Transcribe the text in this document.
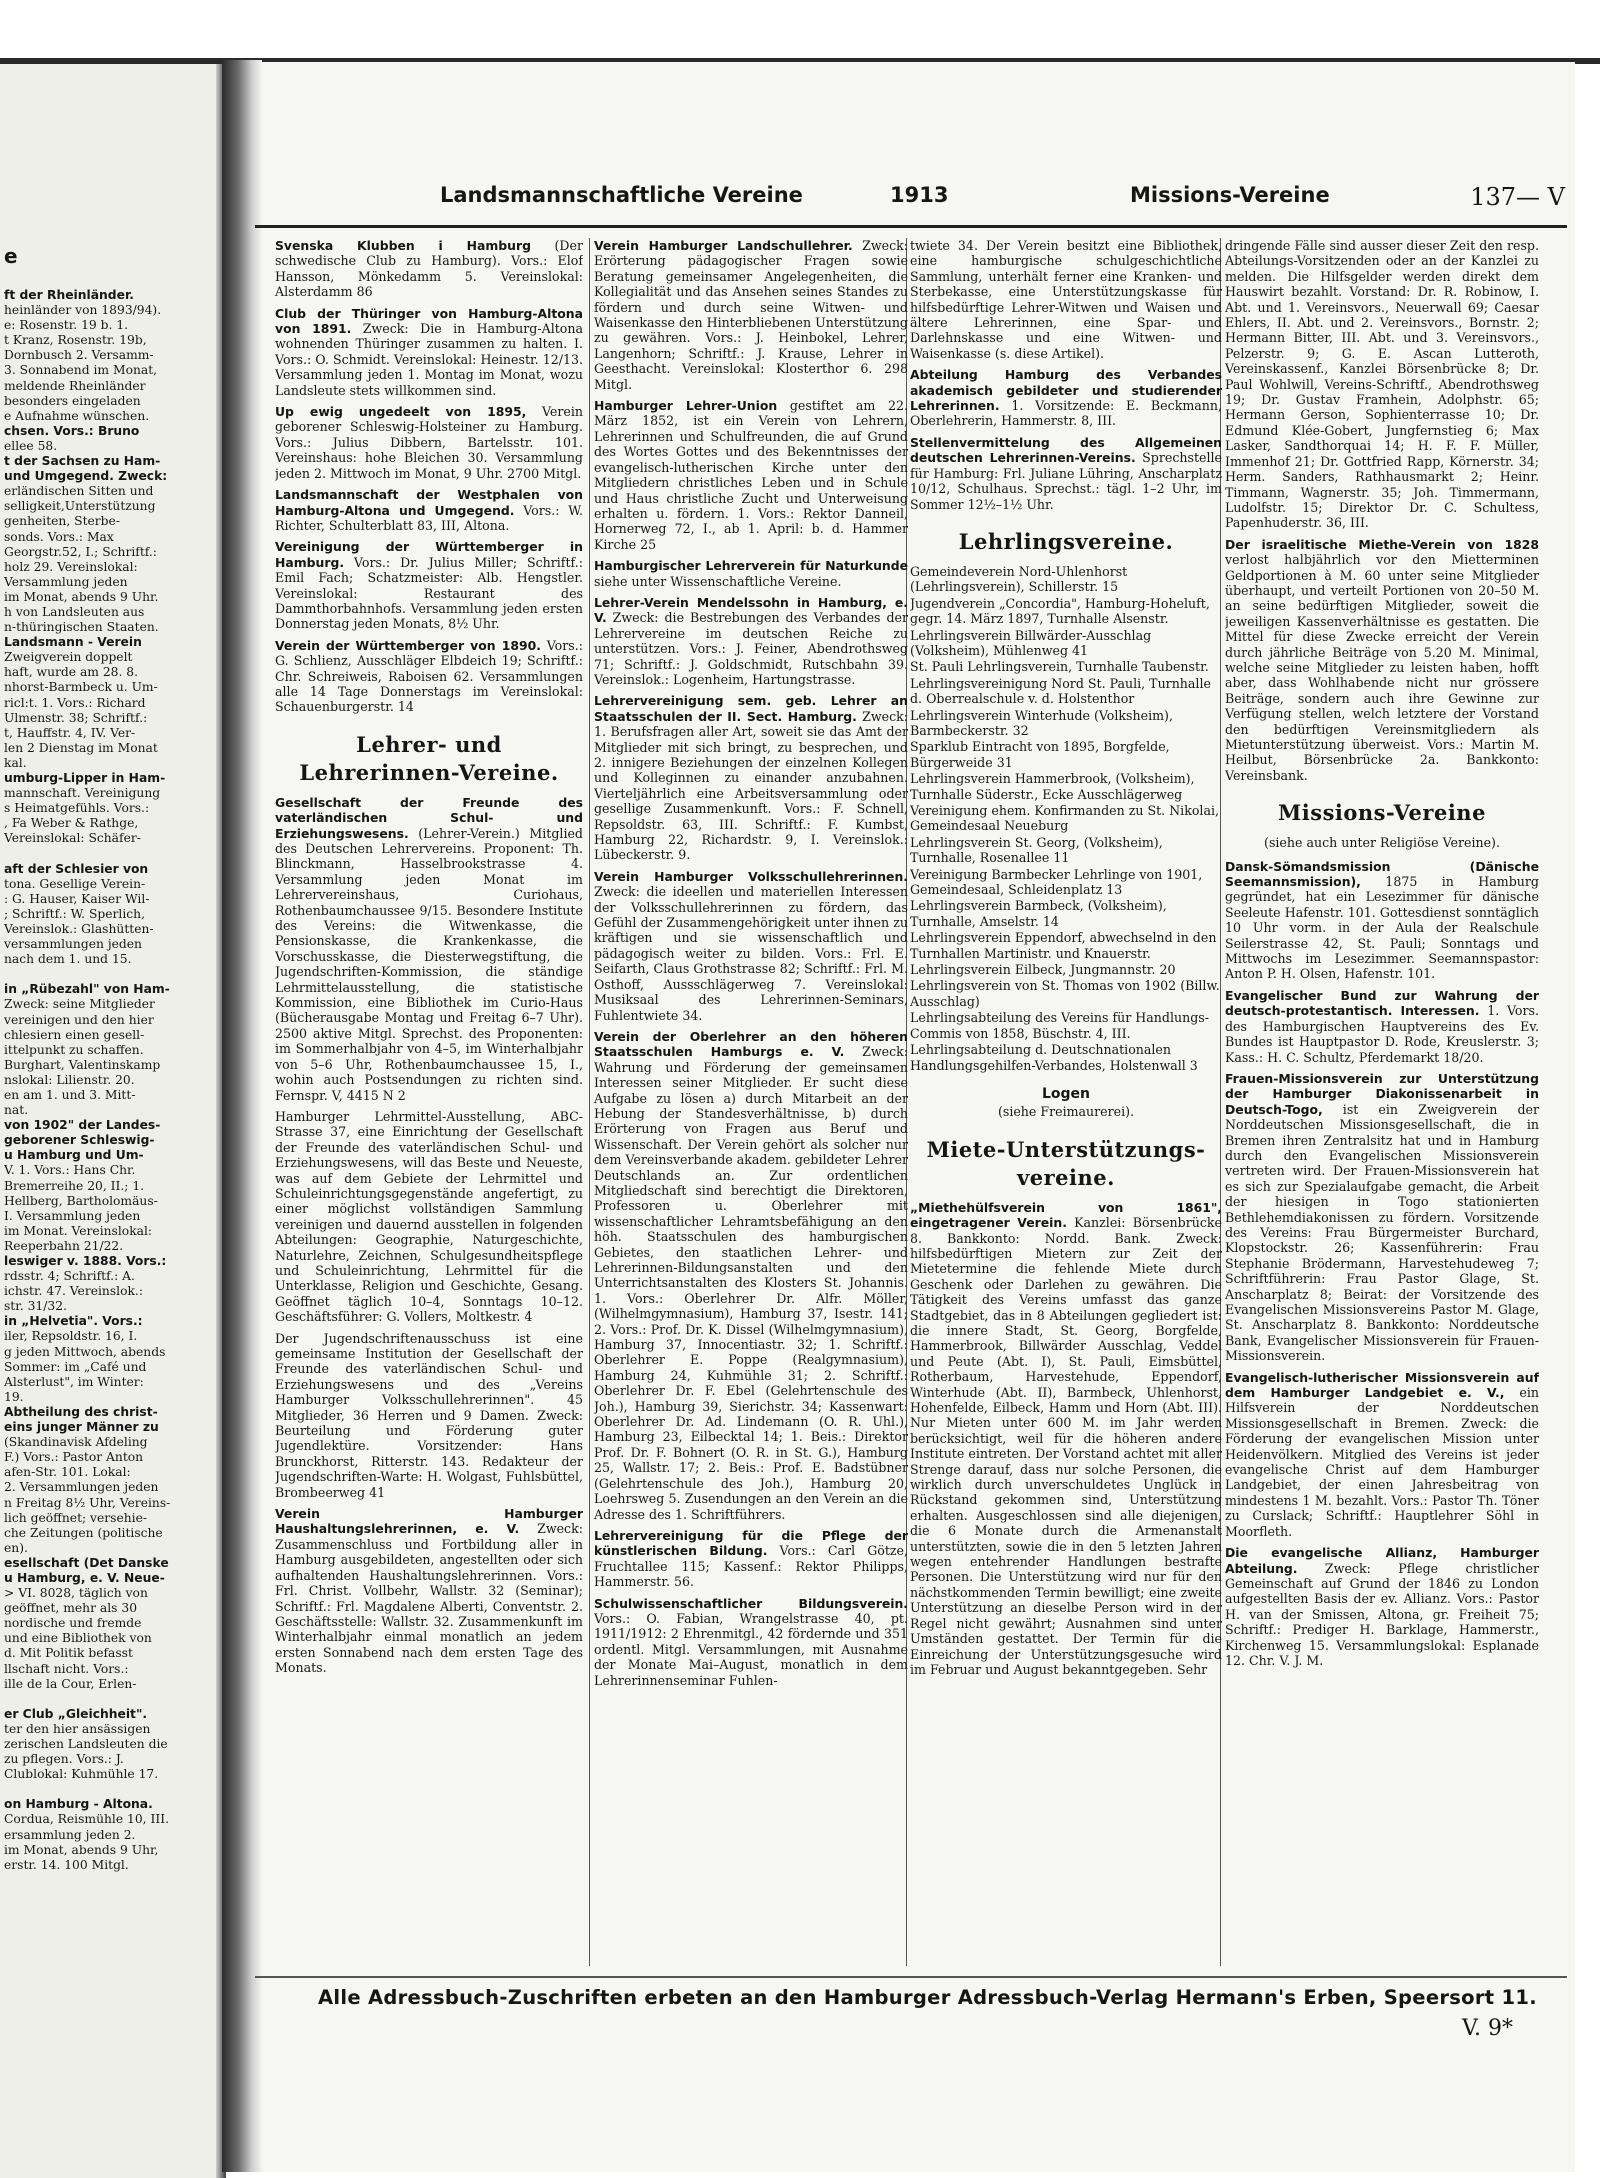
e

ft der Rheinländer.

heinländer von 1893/94).

e: Rosenstr. 19 b. 1.

t Kranz, Rosenstr. 19b,

Dornbusch 2. Versamm-

3. Sonnabend im Monat,

meldende Rheinländer

besonders eingeladen

e Aufnahme wünschen.

chsen. Vors.: Bruno

ellee 58.

t der Sachsen zu Ham-

und Umgegend. Zweck:

erländischen Sitten und

selligkeit,Unterstützung

genheiten, Sterbe-

sonds. Vors.: Max

Georgstr.52, I.; Schriftf.:

holz 29. Vereinslokal:

Versammlung jeden

im Monat, abends 9 Uhr.

h von Landsleuten aus

n-thüringischen Staaten.

Landsmann - Verein

Zweigverein doppelt

haft, wurde am 28. 8.

nhorst-Barmbeck u. Um-

ricl:t. 1. Vors.: Richard

Ulmenstr. 38; Schriftf.:

t, Hauffstr. 4, IV. Ver-

len 2 Dienstag im Monat

kal.

umburg-Lipper in Ham-

mannschaft. Vereinigung

s Heimatgefühls. Vors.:

, Fa Weber & Rathge,

Vereinslokal: Schäfer-

aft der Schlesier von

tona. Gesellige Verein-

: G. Hauser, Kaiser Wil-

; Schriftf.: W. Sperlich,

Vereinslok.: Glashütten-

versammlungen jeden

nach dem 1. und 15.

in „Rübezahl" von Ham-

Zweck: seine Mitglieder

vereinigen und den hier

chlesiern einen gesell-

ittelpunkt zu schaffen.

Burghart, Valentinskamp

nslokal: Lilienstr. 20.

en am 1. und 3. Mitt-

nat.

von 1902" der Landes-

geborener Schleswig-

u Hamburg und Um-

V. 1. Vors.: Hans Chr.

Bremerreihe 20, II.; 1.

Hellberg, Bartholomäus-

I. Versammlung jeden

im Monat. Vereinslokal:

Reeperbahn 21/22.

leswiger v. 1888. Vors.:

rdsstr. 4; Schriftf.: A.

ichstr. 47. Vereinslok.:

str. 31/32.

in „Helvetia". Vors.:

iler, Repsoldstr. 16, I.

g jeden Mittwoch, abends

Sommer: im „Café und

Alsterlust", im Winter:

19.

Abtheilung des christ-

eins junger Männer zu

(Skandinavisk Afdeling

F.) Vors.: Pastor Anton

afen-Str. 101. Lokal:

2. Versammlungen jeden

n Freitag 8½ Uhr, Vereins-

lich geöffnet; versehie-

che Zeitungen (politische

en).

esellschaft (Det Danske

u Hamburg, e. V. Neue-

> VI. 8028, täglich von

geöffnet, mehr als 30

nordische und fremde

und eine Bibliothek von

d. Mit Politik befasst

llschaft nicht. Vors.:

ille de la Cour, Erlen-

er Club „Gleichheit".

ter den hier ansässigen

zerischen Landsleuten die

zu pflegen. Vors.: J.

Clublokal: Kuhmühle 17.

on Hamburg - Altona.

Cordua, Reismühle 10, III.

ersammlung jeden 2.

im Monat, abends 9 Uhr,

erstr. 14. 100 Mitgl.

Landsmannschaftliche Vereine	1913	Missions-Vereine	137— V

Svenska Klubben i Hamburg (Der schwedische Club zu Hamburg). Vors.: Elof Hansson, Mönkedamm 5. Vereinslokal: Alsterdamm 86

Club der Thüringer von Hamburg-Altona von 1891. Zweck: Die in Hamburg-Altona wohnenden Thüringer zusammen zu halten. I. Vors.: O. Schmidt. Vereinslokal: Heinestr. 12/13. Versammlung jeden 1. Montag im Monat, wozu Landsleute stets willkommen sind.

Up ewig ungedeelt von 1895, Verein geborener Schleswig-Holsteiner zu Hamburg. Vors.: Julius Dibbern, Bartelsstr. 101. Vereinshaus: hohe Bleichen 30. Versammlung jeden 2. Mittwoch im Monat, 9 Uhr. 2700 Mitgl.

Landsmannschaft der Westphalen von Hamburg-Altona und Umgegend. Vors.: W. Richter, Schulterblatt 83, III, Altona.

Vereinigung der Württemberger in Hamburg. Vors.: Dr. Julius Miller; Schriftf.: Emil Fach; Schatzmeister: Alb. Hengstler. Vereinslokal: Restaurant des Dammthorbahnhofs. Versammlung jeden ersten Donnerstag jeden Monats, 8½ Uhr.

Verein der Württemberger von 1890. Vors.: G. Schlienz, Ausschläger Elbdeich 19; Schriftf.: Chr. Schreiweis, Raboisen 62. Versammlungen alle 14 Tage Donnerstags im Vereinslokal: Schauenburgerstr. 14

Lehrer- und Lehrerinnen-Vereine.

Gesellschaft der Freunde des vaterländischen Schul- und Erziehungswesens. (Lehrer-Verein.) Mitglied des Deutschen Lehrervereins. Proponent: Th. Blinckmann, Hasselbrookstrasse 4. Versammlung jeden Monat im Lehrervereinshaus, Curiohaus, Rothenbaumchaussee 9/15. Besondere Institute des Vereins: die Witwenkasse, die Pensionskasse, die Krankenkasse, die Vorschusskasse, die Diesterwegstiftung, die Jugendschriften-Kommission, die ständige Lehrmittelausstellung, die statistische Kommission, eine Bibliothek im Curio-Haus (Bücherausgabe Montag und Freitag 6–7 Uhr). 2500 aktive Mitgl. Sprechst. des Proponenten: im Sommerhalbjahr von 4–5, im Winterhalbjahr von 5–6 Uhr, Rothenbaumchaussee 15, I., wohin auch Postsendungen zu richten sind. Fernspr. V, 4415 N 2

Hamburger Lehrmittel-Ausstellung, ABC-Strasse 37, eine Einrichtung der Gesellschaft der Freunde des vaterländischen Schul- und Erziehungswesens, will das Beste und Neueste, was auf dem Gebiete der Lehrmittel und Schuleinrichtungsgegenstände angefertigt, zu einer möglichst vollständigen Sammlung vereinigen und dauernd ausstellen in folgenden Abteilungen: Geographie, Naturgeschichte, Naturlehre, Zeichnen, Schulgesundheitspflege und Schuleinrichtung, Lehrmittel für die Unterklasse, Religion und Geschichte, Gesang. Geöffnet täglich 10–4, Sonntags 10–12. Geschäftsführer: G. Vollers, Moltkestr. 4

Der Jugendschriftenausschuss ist eine gemeinsame Institution der Gesellschaft der Freunde des vaterländischen Schul- und Erziehungswesens und des „Vereins Hamburger Volksschullehrerinnen". 45 Mitglieder, 36 Herren und 9 Damen. Zweck: Beurteilung und Förderung guter Jugendlektüre. Vorsitzender: Hans Brunckhorst, Ritterstr. 143. Redakteur der Jugendschriften-Warte: H. Wolgast, Fuhlsbüttel, Brombeerweg 41

Verein Hamburger Haushaltungslehrerinnen, e. V. Zweck: Zusammenschluss und Fortbildung aller in Hamburg ausgebildeten, angestellten oder sich aufhaltenden Haushaltungslehrerinnen. Vors.: Frl. Christ. Vollbehr, Wallstr. 32 (Seminar); Schriftf.: Frl. Magdalene Alberti, Conventstr. 2. Geschäftsstelle: Wallstr. 32. Zusammenkunft im Winterhalbjahr einmal monatlich an jedem ersten Sonnabend nach dem ersten Tage des Monats.

Verein Hamburger Landschullehrer. Zweck: Erörterung pädagogischer Fragen sowie Beratung gemeinsamer Angelegenheiten, die Kollegialität und das Ansehen seines Standes zu fördern und durch seine Witwen- und Waisenkasse den Hinterbliebenen Unterstützung zu gewähren. Vors.: J. Heinbokel, Lehrer, Langenhorn; Schriftf.: J. Krause, Lehrer in Geesthacht. Vereinslokal: Klosterthor 6. 298 Mitgl.

Hamburger Lehrer-Union gestiftet am 22. März 1852, ist ein Verein von Lehrern, Lehrerinnen und Schulfreunden, die auf Grund des Wortes Gottes und des Bekenntnisses der evangelisch-lutherischen Kirche unter den Mitgliedern christliches Leben und in Schule und Haus christliche Zucht und Unterweisung erhalten u. fördern. 1. Vors.: Rektor Danneil, Hornerweg 72, I., ab 1. April: b. d. Hammer Kirche 25

Hamburgischer Lehrerverein für Naturkunde siehe unter Wissenschaftliche Vereine.

Lehrer-Verein Mendelssohn in Hamburg, e. V. Zweck: die Bestrebungen des Verbandes der Lehrervereine im deutschen Reiche zu unterstützen. Vors.: J. Feiner, Abendrothsweg 71; Schriftf.: J. Goldschmidt, Rutschbahn 39. Vereinslok.: Logenheim, Hartungstrasse.

Lehrervereinigung sem. geb. Lehrer an Staatsschulen der II. Sect. Hamburg. Zweck: 1. Berufsfragen aller Art, soweit sie das Amt der Mitglieder mit sich bringt, zu besprechen, und 2. innigere Beziehungen der einzelnen Kollegen und Kolleginnen zu einander anzubahnen. Vierteljährlich eine Arbeitsversammlung oder gesellige Zusammenkunft. Vors.: F. Schnell, Repsoldstr. 63, III. Schriftf.: F. Kumbst, Hamburg 22, Richardstr. 9, I. Vereinslok.: Lübeckerstr. 9.

Verein Hamburger Volksschullehrerinnen. Zweck: die ideellen und materiellen Interessen der Volksschullehrerinnen zu fördern, das Gefühl der Zusammengehörigkeit unter ihnen zu kräftigen und sie wissenschaftlich und pädagogisch weiter zu bilden. Vors.: Frl. E. Seifarth, Claus Grothstrasse 82; Schriftf.: Frl. M. Osthoff, Aussschlägerweg 7. Vereinslokal: Musiksaal des Lehrerinnen-Seminars, Fuhlentwiete 34.

Verein der Oberlehrer an den höheren Staatsschulen Hamburgs e. V. Zweck: Wahrung und Förderung der gemeinsamen Interessen seiner Mitglieder. Er sucht diese Aufgabe zu lösen a) durch Mitarbeit an der Hebung der Standesverhältnisse, b) durch Erörterung von Fragen aus Beruf und Wissenschaft. Der Verein gehört als solcher nur dem Vereinsverbande akadem. gebildeter Lehrer Deutschlands an. Zur ordentlichen Mitgliedschaft sind berechtigt die Direktoren, Professoren u. Oberlehrer mit wissenschaftlicher Lehramtsbefähigung an den höh. Staatsschulen des hamburgischen Gebietes, den staatlichen Lehrer- und Lehrerinnen-Bildungsanstalten und den Unterrichtsanstalten des Klosters St. Johannis. 1. Vors.: Oberlehrer Dr. Alfr. Möller, (Wilhelmgymnasium), Hamburg 37, Isestr. 141; 2. Vors.: Prof. Dr. K. Dissel (Wilhelmgymnasium), Hamburg 37, Innocentiastr. 32; 1. Schriftf.: Oberlehrer E. Poppe (Realgymnasium), Hamburg 24, Kuhmühle 31; 2. Schriftf.: Oberlehrer Dr. F. Ebel (Gelehrtenschule des Joh.), Hamburg 39, Sierichstr. 34; Kassenwart: Oberlehrer Dr. Ad. Lindemann (O. R. Uhl.), Hamburg 23, Eilbecktal 14; 1. Beis.: Direktor Prof. Dr. F. Bohnert (O. R. in St. G.), Hamburg 25, Wallstr. 17; 2. Beis.: Prof. E. Badstübner (Gelehrtenschule des Joh.), Hamburg 20, Loehrsweg 5. Zusendungen an den Verein an die Adresse des 1. Schriftführers.

Lehrervereinigung für die Pflege der künstlerischen Bildung. Vors.: Carl Götze, Fruchtallee 115; Kassenf.: Rektor Philipps, Hammerstr. 56.

Schulwissenschaftlicher Bildungsverein. Vors.: O. Fabian, Wrangelstrasse 40, pt. 1911/1912: 2 Ehrenmitgl., 42 fördernde und 351 ordentl. Mitgl. Versammlungen, mit Ausnahme der Monate Mai–August, monatlich in dem Lehrerinnenseminar Fuhlen-

twiete 34. Der Verein besitzt eine Bibliothek, eine hamburgische schulgeschichtliche Sammlung, unterhält ferner eine Kranken- und Sterbekasse, eine Unterstützungskasse für hilfsbedürftige Lehrer-Witwen und Waisen und ältere Lehrerinnen, eine Spar- und Darlehnskasse und eine Witwen- und Waisenkasse (s. diese Artikel).

Abteilung Hamburg des Verbandes akademisch gebildeter und studierender Lehrerinnen. 1. Vorsitzende: E. Beckmann, Oberlehrerin, Hammerstr. 8, III.

Stellenvermittelung des Allgemeinen deutschen Lehrerinnen-Vereins. Sprechstelle für Hamburg: Frl. Juliane Lühring, Anscharplatz 10/12, Schulhaus. Sprechst.: tägl. 1–2 Uhr, im Sommer 12½–1½ Uhr.

Lehrlingsvereine.

Gemeindeverein Nord-Uhlenhorst (Lehrlingsverein), Schillerstr. 15

Jugendverein „Concordia", Hamburg-Hoheluft, gegr. 14. März 1897, Turnhalle Alsenstr.

Lehrlingsverein Billwärder-Ausschlag (Volksheim), Mühlenweg 41

St. Pauli Lehrlingsverein, Turnhalle Taubenstr.

Lehrlingsvereinigung Nord St. Pauli, Turnhalle d. Oberrealschule v. d. Holstenthor

Lehrlingsverein Winterhude (Volksheim), Barmbeckerstr. 32

Sparklub Eintracht von 1895, Borgfelde, Bürgerweide 31

Lehrlingsverein Hammerbrook, (Volksheim), Turnhalle Süderstr., Ecke Ausschlägerweg

Vereinigung ehem. Konfirmanden zu St. Nikolai, Gemeindesaal Neueburg

Lehrlingsverein St. Georg, (Volksheim), Turnhalle, Rosenallee 11

Vereinigung Barmbecker Lehrlinge von 1901, Gemeindesaal, Schleidenplatz 13

Lehrlingsverein Barmbeck, (Volksheim), Turnhalle, Amselstr. 14

Lehrlingsverein Eppendorf, abwechselnd in den Turnhallen Martinistr. und Knauerstr.

Lehrlingsverein Eilbeck, Jungmannstr. 20

Lehrlingsverein von St. Thomas von 1902 (Billw. Ausschlag)

Lehrlingsabteilung des Vereins für Handlungs-Commis von 1858, Büschstr. 4, III.

Lehrlingsabteilung d. Deutschnationalen Handlungsgehilfen-Verbandes, Holstenwall 3

Logen
(siehe Freimaurerei).
Miete-Unterstützungs-vereine.

„Miethehülfsverein von 1861", eingetragener Verein. Kanzlei: Börsenbrücke 8. Bankkonto: Nordd. Bank. Zweck: hilfsbedürftigen Mietern zur Zeit der Mietetermine die fehlende Miete durch Geschenk oder Darlehen zu gewähren. Die Tätigkeit des Vereins umfasst das ganze Stadtgebiet, das in 8 Abteilungen gegliedert ist: die innere Stadt, St. Georg, Borgfelde, Hammerbrook, Billwärder Ausschlag, Veddel und Peute (Abt. I), St. Pauli, Eimsbüttel, Rotherbaum, Harvestehude, Eppendorf, Winterhude (Abt. II), Barmbeck, Uhlenhorst, Hohenfelde, Eilbeck, Hamm und Horn (Abt. III). Nur Mieten unter 600 M. im Jahr werden berücksichtigt, weil für die höheren andere Institute eintreten. Der Vorstand achtet mit aller Strenge darauf, dass nur solche Personen, die wirklich durch unverschuldetes Unglück in Rückstand gekommen sind, Unterstützung erhalten. Ausgeschlossen sind alle diejenigen, die 6 Monate durch die Armenanstalt unterstützten, sowie die in den 5 letzten Jahren wegen entehrender Handlungen bestrafte Personen. Die Unterstützung wird nur für den nächstkommenden Termin bewilligt; eine zweite Unterstützung an dieselbe Person wird in der Regel nicht gewährt; Ausnahmen sind unter Umständen gestattet. Der Termin für die Einreichung der Unterstützungsgesuche wird im Februar und August bekanntgegeben. Sehr

dringende Fälle sind ausser dieser Zeit den resp. Abteilungs-Vorsitzenden oder an der Kanzlei zu melden. Die Hilfsgelder werden direkt dem Hauswirt bezahlt. Vorstand: Dr. R. Robinow, I. Abt. und 1. Vereinsvors., Neuerwall 69; Caesar Ehlers, II. Abt. und 2. Vereinsvors., Bornstr. 2; Hermann Bitter, III. Abt. und 3. Vereinsvors., Pelzerstr. 9; G. E. Ascan Lutteroth, Vereinskassenf., Kanzlei Börsenbrücke 8; Dr. Paul Wohlwill, Vereins-Schriftf., Abendrothsweg 19; Dr. Gustav Framhein, Adolphstr. 65; Hermann Gerson, Sophienterrasse 10; Dr. Edmund Klée-Gobert, Jungfernstieg 6; Max Lasker, Sandthorquai 14; H. F. F. Müller, Immenhof 21; Dr. Gottfried Rapp, Körnerstr. 34; Herm. Sanders, Rathhausmarkt 2; Heinr. Timmann, Wagnerstr. 35; Joh. Timmermann, Ludolfstr. 15; Direktor Dr. C. Schultess, Papenhuderstr. 36, III.

Der israelitische Miethe-Verein von 1828 verlost halbjährlich vor den Mietterminen Geldportionen à M. 60 unter seine Mitglieder überhaupt, und verteilt Portionen von 20–50 M. an seine bedürftigen Mitglieder, soweit die jeweiligen Kassenverhältnisse es gestatten. Die Mittel für diese Zwecke erreicht der Verein durch jährliche Beiträge von 5.20 M. Minimal, welche seine Mitglieder zu leisten haben, hofft aber, dass Wohlhabende nicht nur grössere Beiträge, sondern auch ihre Gewinne zur Verfügung stellen, welch letztere der Vorstand den bedürftigen Vereinsmitgliedern als Mietunterstützung überweist. Vors.: Martin M. Heilbut, Börsenbrücke 2a. Bankkonto: Vereinsbank.

Missions-Vereine
(siehe auch unter Religiöse Vereine).

Dansk-Sömandsmission (Dänische Seemannsmission), 1875 in Hamburg gegründet, hat ein Lesezimmer für dänische Seeleute Hafenstr. 101. Gottesdienst sonntäglich 10 Uhr vorm. in der Aula der Realschule Seilerstrasse 42, St. Pauli; Sonntags und Mittwochs im Lesezimmer. Seemannspastor: Anton P. H. Olsen, Hafenstr. 101.

Evangelischer Bund zur Wahrung der deutsch-protestantisch. Interessen. 1. Vors. des Hamburgischen Hauptvereins des Ev. Bundes ist Hauptpastor D. Rode, Kreuslerstr. 3; Kass.: H. C. Schultz, Pferdemarkt 18/20.

Frauen-Missionsverein zur Unterstützung der Hamburger Diakonissenarbeit in Deutsch-Togo, ist ein Zweigverein der Norddeutschen Missionsgesellschaft, die in Bremen ihren Zentralsitz hat und in Hamburg durch den Evangelischen Missionsverein vertreten wird. Der Frauen-Missionsverein hat es sich zur Spezialaufgabe gemacht, die Arbeit der hiesigen in Togo stationierten Bethlehemdiakonissen zu fördern. Vorsitzende des Vereins: Frau Bürgermeister Burchard, Klopstockstr. 26; Kassenführerin: Frau Stephanie Brödermann, Harvestehudeweg 7; Schriftführerin: Frau Pastor Glage, St. Anscharplatz 8; Beirat: der Vorsitzende des Evangelischen Missionsvereins Pastor M. Glage, St. Anscharplatz 8. Bankkonto: Norddeutsche Bank, Evangelischer Missionsverein für Frauen-Missionsverein.

Evangelisch-lutherischer Missionsverein auf dem Hamburger Landgebiet e. V., ein Hilfsverein der Norddeutschen Missionsgesellschaft in Bremen. Zweck: die Förderung der evangelischen Mission unter Heidenvölkern. Mitglied des Vereins ist jeder evangelische Christ auf dem Hamburger Landgebiet, der einen Jahresbeitrag von mindestens 1 M. bezahlt. Vors.: Pastor Th. Töner zu Curslack; Schriftf.: Hauptlehrer Söhl in Moorfleth.

Die evangelische Allianz, Hamburger Abteilung. Zweck: Pflege christlicher Gemeinschaft auf Grund der 1846 zu London aufgestellten Basis der ev. Allianz. Vors.: Pastor H. van der Smissen, Altona, gr. Freiheit 75; Schriftf.: Prediger H. Barklage, Hammerstr., Kirchenweg 15. Versammlungslokal: Esplanade 12. Chr. V. J. M.

Alle Adressbuch-Zuschriften erbeten an den Hamburger Adressbuch-Verlag Hermann's Erben, Speersort 11.
V. 9*
